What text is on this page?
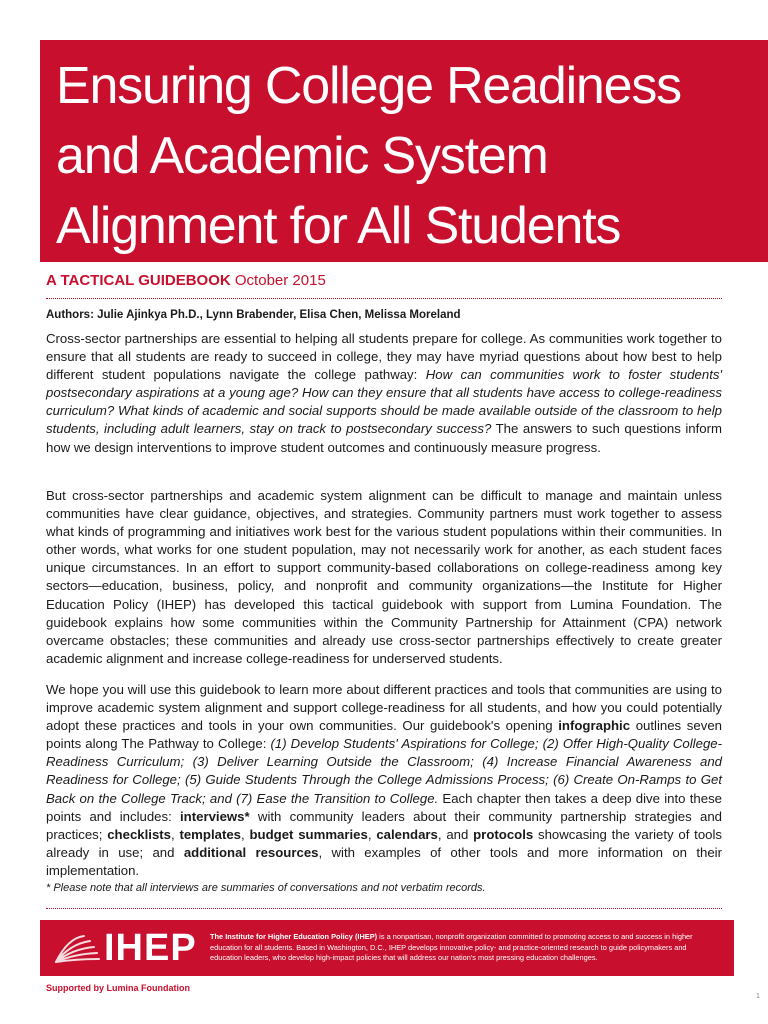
Ensuring College Readiness
and Academic System
Alignment for All Students
A TACTICAL GUIDEBOOK October 2015
Authors: Julie Ajinkya Ph.D., Lynn Brabender, Elisa Chen, Melissa Moreland

Cross-sector partnerships are essential to helping all students prepare for college. As communities work together to ensure that all students are ready to succeed in college, they may have myriad questions about how best to help different student populations navigate the college pathway: How can communities work to foster students' postsecondary aspirations at a young age? How can they ensure that all students have access to college-readiness curriculum? What kinds of academic and social supports should be made available outside of the classroom to help students, including adult learners, stay on track to postsecondary success? The answers to such questions inform how we design interventions to improve student outcomes and continuously measure progress.

But cross-sector partnerships and academic system alignment can be difficult to manage and maintain unless communities have clear guidance, objectives, and strategies. Community partners must work together to assess what kinds of programming and initiatives work best for the various student populations within their communities. In other words, what works for one student population, may not necessarily work for another, as each student faces unique circumstances. In an effort to support community-based collaborations on college-readiness among key sectors—education, business, policy, and nonprofit and community organizations—the Institute for Higher Education Policy (IHEP) has developed this tactical guidebook with support from Lumina Foundation. The guidebook explains how some communities within the Community Partnership for Attainment (CPA) network overcame obstacles; these communities and already use cross-sector partnerships effectively to create greater academic alignment and increase college-readiness for underserved students.

We hope you will use this guidebook to learn more about different practices and tools that communities are using to improve academic system alignment and support college-readiness for all students, and how you could potentially adopt these practices and tools in your own communities. Our guidebook's opening infographic outlines seven points along The Pathway to College: (1) Develop Students' Aspirations for College; (2) Offer High-Quality College-Readiness Curriculum; (3) Deliver Learning Outside the Classroom; (4) Increase Financial Awareness and Readiness for College; (5) Guide Students Through the College Admissions Process; (6) Create On-Ramps to Get Back on the College Track; and (7) Ease the Transition to College. Each chapter then takes a deep dive into these points and includes: interviews* with community leaders about their community partnership strategies and practices; checklists, templates, budget summaries, calendars, and protocols showcasing the variety of tools already in use; and additional resources, with examples of other tools and more information on their implementation.

* Please note that all interviews are summaries of conversations and not verbatim records.
IHEP The Institute for Higher Education Policy (IHEP) is a nonpartisan, nonprofit organization committed to promoting access to and success in higher education for all students. Based in Washington, D.C., IHEP develops innovative policy- and practice-oriented research to guide policymakers and education leaders, who develop high-impact policies that will address our nation's most pressing education challenges.
Supported by Lumina Foundation
1
